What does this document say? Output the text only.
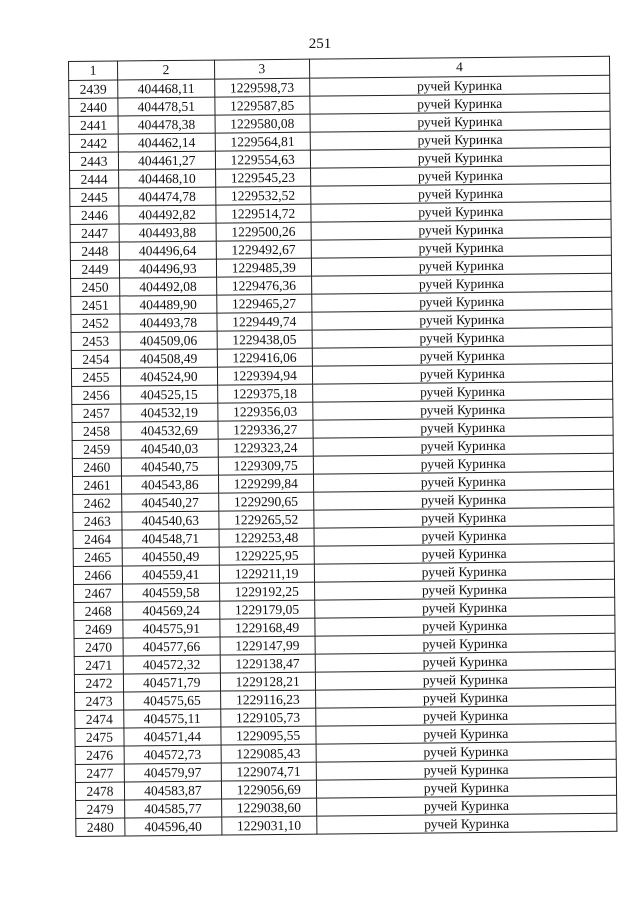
251
1	2	3	4
2439	404468,11	1229598,73	ручей Куринка
2440	404478,51	1229587,85	ручей Куринка
2441	404478,38	1229580,08	ручей Куринка
2442	404462,14	1229564,81	ручей Куринка
2443	404461,27	1229554,63	ручей Куринка
2444	404468,10	1229545,23	ручей Куринка
2445	404474,78	1229532,52	ручей Куринка
2446	404492,82	1229514,72	ручей Куринка
2447	404493,88	1229500,26	ручей Куринка
2448	404496,64	1229492,67	ручей Куринка
2449	404496,93	1229485,39	ручей Куринка
2450	404492,08	1229476,36	ручей Куринка
2451	404489,90	1229465,27	ручей Куринка
2452	404493,78	1229449,74	ручей Куринка
2453	404509,06	1229438,05	ручей Куринка
2454	404508,49	1229416,06	ручей Куринка
2455	404524,90	1229394,94	ручей Куринка
2456	404525,15	1229375,18	ручей Куринка
2457	404532,19	1229356,03	ручей Куринка
2458	404532,69	1229336,27	ручей Куринка
2459	404540,03	1229323,24	ручей Куринка
2460	404540,75	1229309,75	ручей Куринка
2461	404543,86	1229299,84	ручей Куринка
2462	404540,27	1229290,65	ручей Куринка
2463	404540,63	1229265,52	ручей Куринка
2464	404548,71	1229253,48	ручей Куринка
2465	404550,49	1229225,95	ручей Куринка
2466	404559,41	1229211,19	ручей Куринка
2467	404559,58	1229192,25	ручей Куринка
2468	404569,24	1229179,05	ручей Куринка
2469	404575,91	1229168,49	ручей Куринка
2470	404577,66	1229147,99	ручей Куринка
2471	404572,32	1229138,47	ручей Куринка
2472	404571,79	1229128,21	ручей Куринка
2473	404575,65	1229116,23	ручей Куринка
2474	404575,11	1229105,73	ручей Куринка
2475	404571,44	1229095,55	ручей Куринка
2476	404572,73	1229085,43	ручей Куринка
2477	404579,97	1229074,71	ручей Куринка
2478	404583,87	1229056,69	ручей Куринка
2479	404585,77	1229038,60	ручей Куринка
2480	404596,40	1229031,10	ручей Куринка
